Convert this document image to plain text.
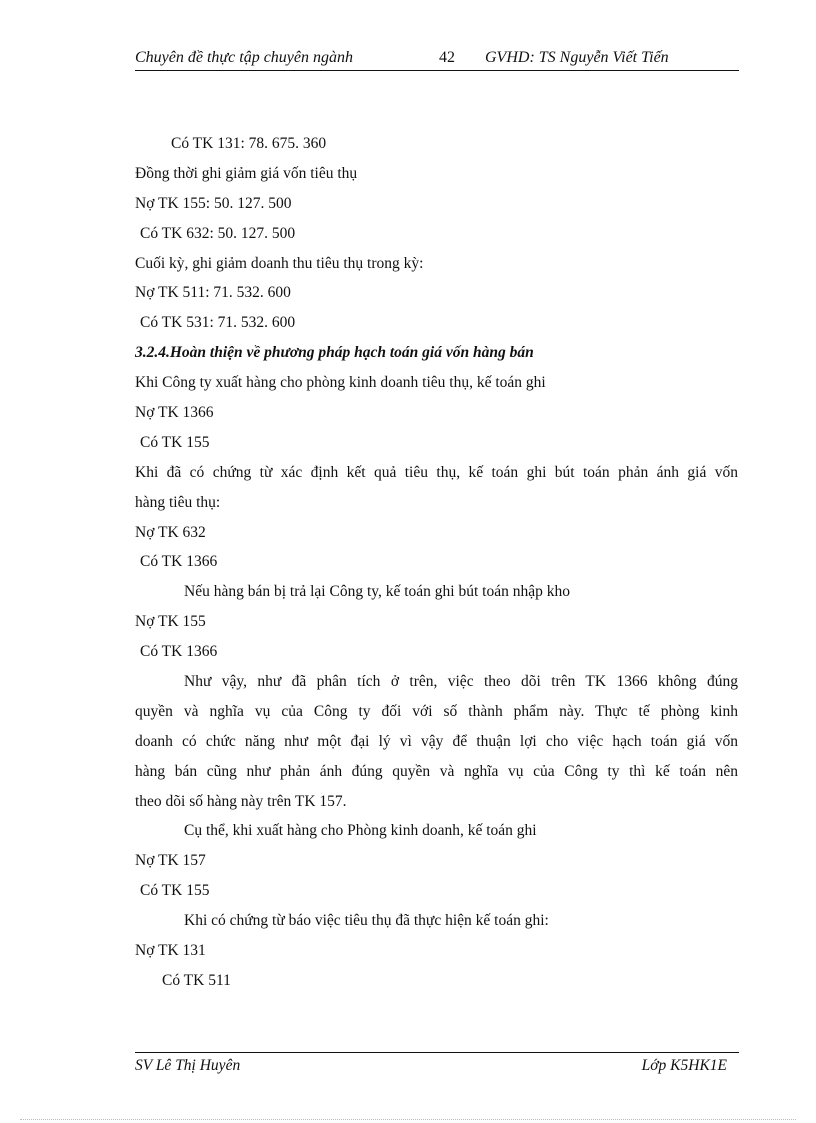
Chuyên đề thực tập chuyên ngành	42 GVHD: TS Nguyễn Viết Tiến
Có TK 131: 78. 675. 360
Đồng thời ghi giảm giá vốn tiêu thụ
Nợ TK 155: 50. 127. 500
Có TK 632: 50. 127. 500
Cuối kỳ, ghi giảm doanh thu tiêu thụ trong kỳ:
Nợ TK 511: 71. 532. 600
Có TK 531: 71. 532. 600
3.2.4.Hoàn thiện về phương pháp hạch toán giá vốn hàng bán
Khi Công ty xuất hàng cho phòng kinh doanh tiêu thụ, kế toán ghi
Nợ TK 1366
Có TK 155
Khi đã có chứng từ xác định kết quả tiêu thụ, kế toán ghi bút toán phản ánh giá vốn
hàng tiêu thụ:
Nợ TK 632
Có TK 1366
Nếu hàng bán bị trả lại Công ty, kế toán ghi bút toán nhập kho
Nợ TK 155
Có TK 1366
Như vậy, như đã phân tích ở trên, việc theo dõi trên TK 1366 không đúng
quyền và nghĩa vụ của Công ty đối với số thành phẩm này. Thực tế phòng kinh
doanh có chức năng như một đại lý vì vậy để thuận lợi cho việc hạch toán giá vốn
hàng bán cũng như phản ánh đúng quyền và nghĩa vụ của Công ty thì kế toán nên
theo dõi số hàng này trên TK 157.
Cụ thể, khi xuất hàng cho Phòng kinh doanh, kế toán ghi
Nợ TK 157
Có TK 155
Khi có chứng từ báo việc tiêu thụ đã thực hiện kế toán ghi:
Nợ TK 131
Có TK 511
SV Lê Thị Huyên	Lớp K5HK1E
